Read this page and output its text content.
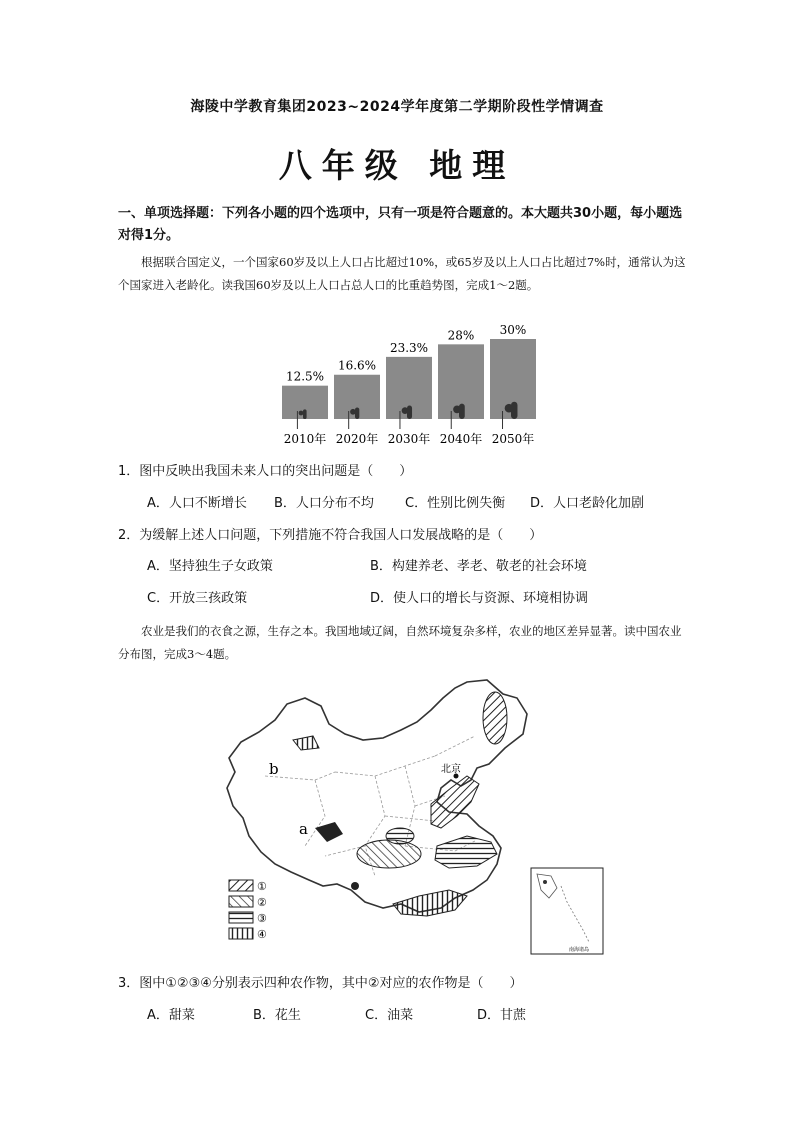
海陵中学教育集团2023~2024学年度第二学期阶段性学情调查
八年级 地理
一、单项选择题：下列各小题的四个选项中，只有一项是符合题意的。本大题共30小题，每小题选对得1分。
根据联合国定义，一个国家60岁及以上人口占比超过10%，或65岁及以上人口占比超过7%时，通常认为这个国家进入老龄化。读我国60岁及以上人口占总人口的比重趋势图，完成1～2题。
12.5%
2010年
16.6%
2020年
23.3%
2030年
28%
2040年
30%
2050年
1．图中反映出我国未来人口的突出问题是（　　）
A．人口不断增长 B．人口分布不均 C．性别比例失衡 D．人口老龄化加剧
2．为缓解上述人口问题，下列措施不符合我国人口发展战略的是（　　）
A．坚持独生子女政策	B．构建养老、孝老、敬老的社会环境
C．开放三孩政策	D．使人口的增长与资源、环境相协调
农业是我们的衣食之源，生存之本。我国地域辽阔，自然环境复杂多样，农业的地区差异显著。读中国农业分布图，完成3～4题。
北京
a
b
①
②
③
④
南海诸岛
3．图中①②③④分别表示四种农作物，其中②对应的农作物是（　　）
A．甜菜	B．花生	C．油菜	D．甘蔗
